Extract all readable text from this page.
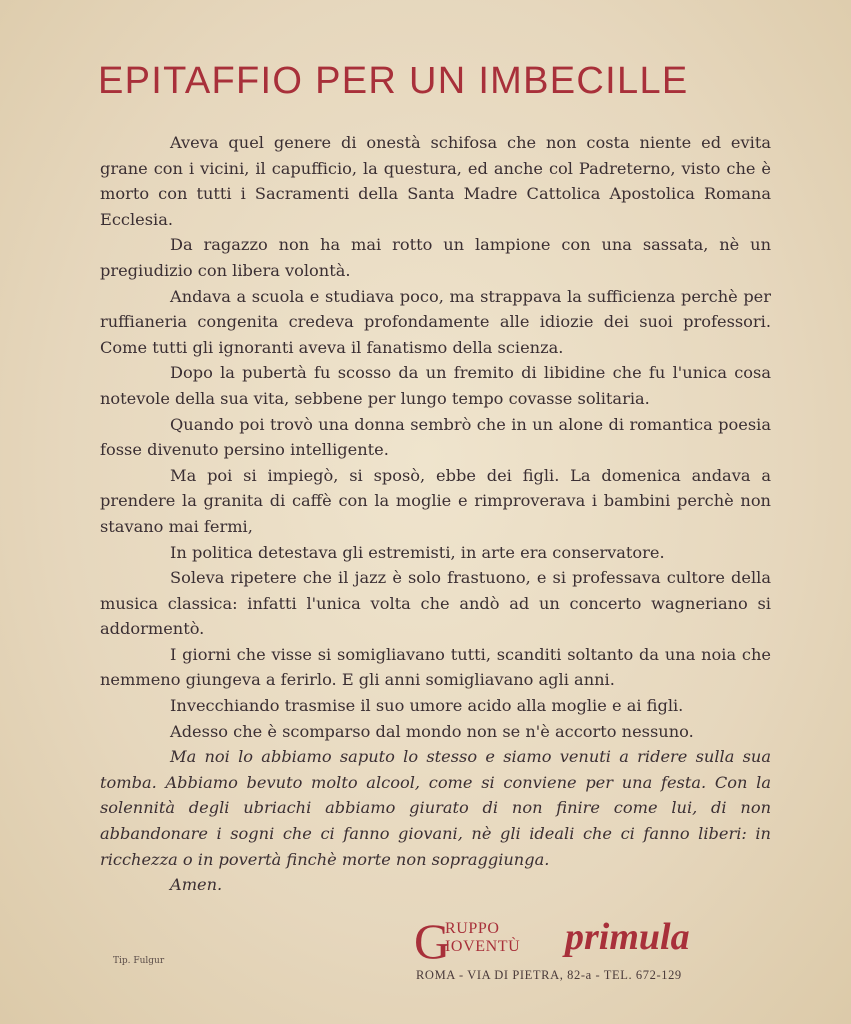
EPITAFFIO PER UN IMBECILLE

Aveva quel genere di onestà schifosa che non costa niente ed evita grane con i vicini, il capufficio, la questura, ed anche col Padreterno, visto che è morto con tutti i Sacramenti della Santa Madre Cattolica Apostolica Romana Ecclesia.

Da ragazzo non ha mai rotto un lampione con una sassata, nè un pregiudizio con libera volontà.

Andava a scuola e studiava poco, ma strappava la sufficienza perchè per ruffianeria congenita credeva profondamente alle idiozie dei suoi professori. Come tutti gli ignoranti aveva il fanatismo della scienza.

Dopo la pubertà fu scosso da un fremito di libidine che fu l'unica cosa notevole della sua vita, sebbene per lungo tempo covasse solitaria.

Quando poi trovò una donna sembrò che in un alone di romantica poesia fosse divenuto persino intelligente.

Ma poi si impiegò, si sposò, ebbe dei figli. La domenica andava a prendere la granita di caffè con la moglie e rimproverava i bambini perchè non stavano mai fermi,

In politica detestava gli estremisti, in arte era conservatore.

Soleva ripetere che il jazz è solo frastuono, e si professava cultore della musica classica: infatti l'unica volta che andò ad un concerto wagneriano si addormentò.

I giorni che visse si somigliavano tutti, scanditi soltanto da una noia che nemmeno giungeva a ferirlo. E gli anni somigliavano agli anni.

Invecchiando trasmise il suo umore acido alla moglie e ai figli.

Adesso che è scomparso dal mondo non se n'è accorto nessuno.

Ma noi lo abbiamo saputo lo stesso e siamo venuti a ridere sulla sua tomba. Abbiamo bevuto molto alcool, come si conviene per una festa. Con la solennità degli ubriachi abbiamo giurato di non finire come lui, di non abbandonare i sogni che ci fanno giovani, nè gli ideali che ci fanno liberi: in ricchezza o in povertà finchè morte non sopraggiunga.

Amen.

Tip. Fulgur	G
RUPPO
IOVENTÙ primula
ROMA - VIA DI PIETRA, 82-a - TEL. 672-129
